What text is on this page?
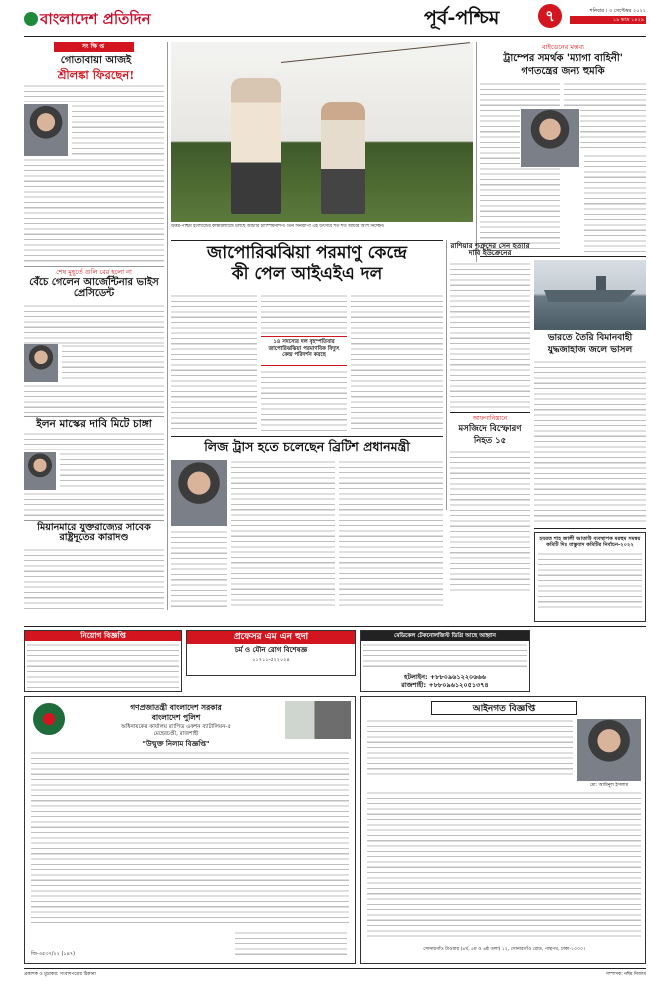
বাংলাদেশ প্রতিদিন	পূর্ব-পশ্চিম	৭	শনিবার । ৩ সেপ্টেম্বর ২০২২
১৯ ভাদ্র ১৪২৯
সংক্ষিপ্ত
গোতাবায়া আজই
শ্রীলঙ্কা ফিরছেন!
শেষ মুহূর্তে গুলি বের হলো না
বেঁচে গেলেন আর্জেন্টিনার ভাইস প্রেসিডেন্ট
ইলন মাস্কের দাবি মিটে চাঙ্গা
মিয়ানমারে যুক্তরাজ্যের সাবেক রাষ্ট্রদূতের কারাদণ্ড
উত্তর-পশ্চিম ইংল্যান্ডের কাম্বারল্যান্ডে চলছে আর্চারি চ্যাম্পিয়নশিপ। তিন দিনব্যাপী এই উৎসবে শত শত আর্চার অংশ নিচ্ছেন।
বাইডেনের মন্তব্য
ট্রাম্পের সমর্থক 'ম্যাগা বাহিনী'
গণতন্ত্রের জন্য হুমকি
জাপোরিঝঝিয়া পরমাণু কেন্দ্রে
কী পেল আইএইএ দল
১৪ সদস্যের দল বৃহস্পতিবার জাপোরিঝঝিয়া পরমাণবিক বিদ্যুৎ কেন্দ্র পরিদর্শন করছে
রাশিয়ার শত্রুদের সেন হত্যার দাবি ইউক্রেনের
আফগানিস্তানে
মসজিদে বিস্ফোরণ
নিহত ১৫
ভারতে তৈরি বিমানবাহী
যুদ্ধজাহাজ জলে ভাসল
লিজ ট্রাস হতে চলেছেন ব্রিটিশ প্রধানমন্ত্রী
হযরত শাহ জালী আতাউ ব্যবস্থাপক মরহুম সমন্বয় কমিটি দিঃ বাস্তুবাদ কমিটির নির্বাচন-২০২২
নিয়োগ বিজ্ঞপ্তি	প্রফেসর এম এন হুদা
চর্ম ও যৌন রোগ বিশেষজ্ঞ
০১৭১১-৫২২০২৪
মেডিকেল টেকনোলজিস্ট ডিগ্রি আছে আহ্বান
হটলাইন: +৮৮০৯৬১২২০৬৬৬
রাজশাহী: +৮৮০৯৬১২০৫১৩৭৪
গণপ্রজাতন্ত্রী বাংলাদেশ সরকার
বাংলাদেশ পুলিশ
অধিনায়কের কার্যালয় র‍্যাপিড একশন ব্যাটালিয়ন-৫
মেহেরচণ্ডী, রাজশাহী
"উন্মুক্ত নিলাম বিজ্ঞপ্তি"
জি-৩৫৩৭/২২ (১৪৭)
আইনগত বিজ্ঞপ্তি
মো: আমিনুল ইসলাম
সোনারগাঁও টাওয়ার (৪র্থ, ৫ম ও ৬ষ্ঠ তলা) ১২, সোনারগাঁও রোড, পান্থপথ, ঢাকা-১০০০।
প্রকাশক ও মুদ্রাকর: সংবাদপত্রের ঠিকানা	সম্পাদক: নঈম নিজাম
